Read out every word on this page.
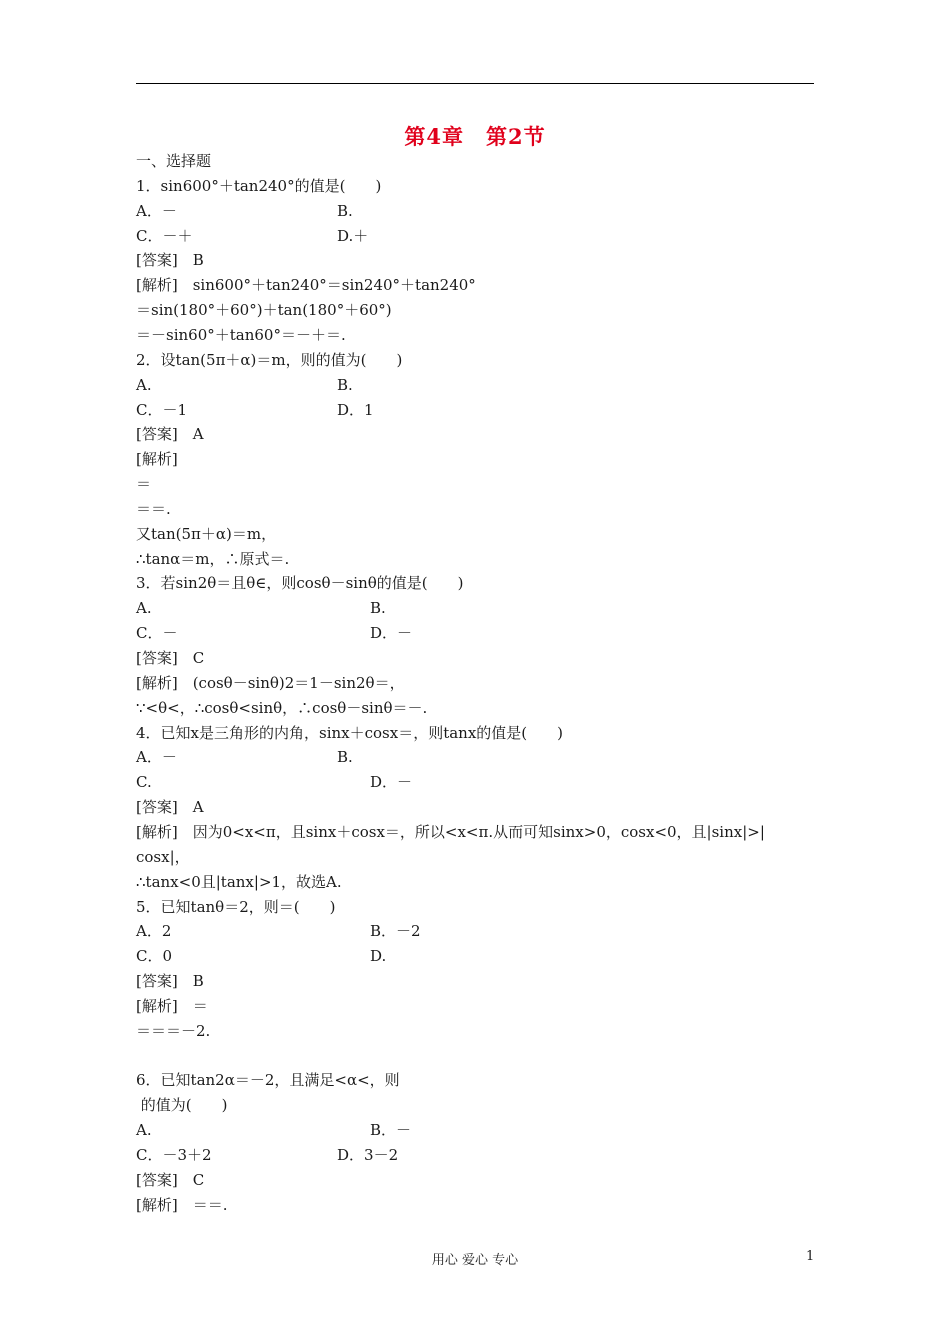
第4章　第2节
一、选择题
1．sin600°＋tan240°的值是(　　)
A．－	B.
C．－＋	D.＋
[答案]　B
[解析]　sin600°＋tan240°＝sin240°＋tan240°
＝sin(180°＋60°)＋tan(180°＋60°)
＝－sin60°＋tan60°＝－＋＝.
2．设tan(5π＋α)＝m，则的值为(　　)
A.	B.
C．－1	D．1
[答案]　A
[解析]
＝
＝＝.
又tan(5π＋α)＝m，
∴tanα＝m，∴原式＝.
3．若sin2θ＝且θ∈，则cosθ－sinθ的值是(　　)
A.	B.
C．－	D．－
[答案]　C
[解析]　(cosθ－sinθ)2＝1－sin2θ＝，
∵<θ<，∴cosθ<sinθ，∴cosθ－sinθ＝－.
4．已知x是三角形的内角，sinx＋cosx＝，则tanx的值是(　　)
A．－	B.
C.	D．－
[答案]　A
[解析]　因为0<x<π，且sinx＋cosx＝，所以<x<π.从而可知sinx>0，cosx<0，且|sinx|>|
cosx|，
∴tanx<0且|tanx|>1，故选A.
5．已知tanθ＝2，则＝(　　)
A．2	B．－2
C．0	D.
[答案]　B
[解析]　＝
＝＝＝－2.
6．已知tan2α＝－2，且满足<α<，则
的值为(　　)
A.	B．－
C．－3＋2	D．3－2
[答案]　C
[解析]　＝＝.
用心 爱心 专心	1
